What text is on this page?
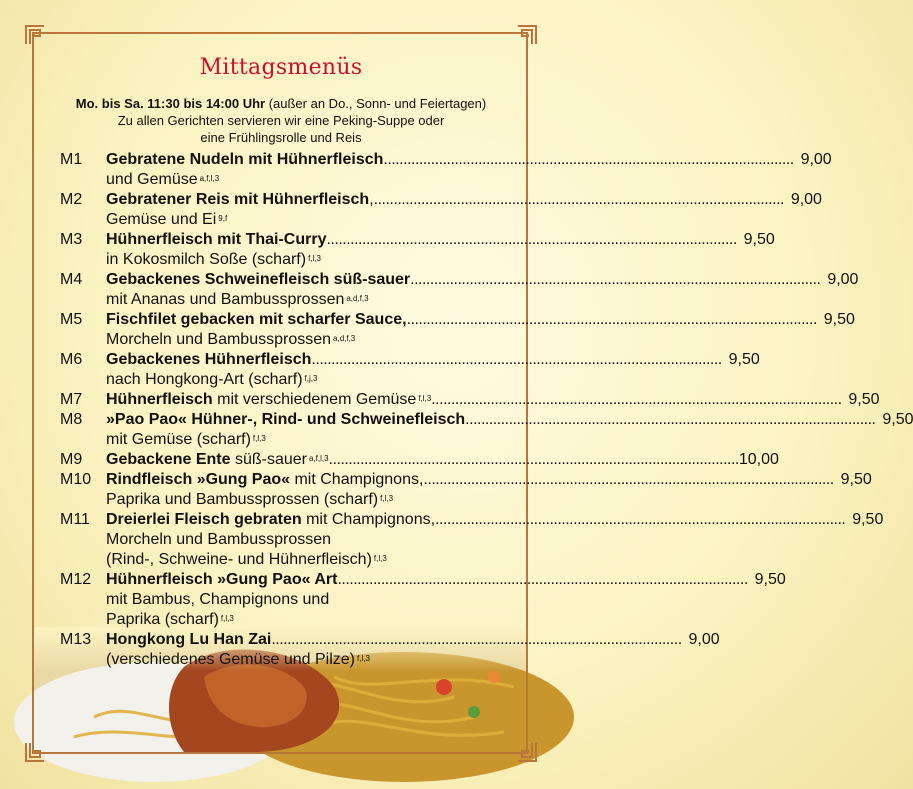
Mittagsmenüs
Mo. bis Sa. 11:30 bis 14:00 Uhr (außer an Do., Sonn- und Feiertagen)
Zu allen Gerichten servieren wir eine Peking-Suppe oder
eine Frühlingsrolle und Reis
M1	Gebratene Nudeln mit Hühnerfleisch .....	9,00
und Gemüse $^{a,f,l,3}$
M2	Gebratener Reis mit Hühnerfleisch, .....	9,00
Gemüse und Ei $^{9,f}$
M3	Hühnerfleisch mit Thai-Curry .....	9,50
in Kokosmilch Soße (scharf) $^{f,l,3}$
M4	Gebackenes Schweinefleisch süß-sauer .....	9,00
mit Ananas und Bambussprossen $^{a,d,f,3}$
M5	Fischfilet gebacken mit scharfer Sauce, .....	9,50
Morcheln und Bambussprossen $^{a,d,f,3}$
M6	Gebackenes Hühnerfleisch .....	9,50
nach Hongkong-Art (scharf) $^{f,j,3}$
M7	Hühnerfleisch mit verschiedenem Gemüse $^{f,l,3}$ .....	9,50
M8	»Pao Pao« Hühner-, Rind- und Schweinefleisch .....	9,50
mit Gemüse (scharf) $^{f,l,3}$
M9	Gebackene Ente süß-sauer $^{a,f,l,3}$ .....	10,00
M10 Rindfleisch »Gung Pao« mit Champignons, .....	9,50
Paprika und Bambussprossen (scharf) $^{f,l,3}$
M11	Dreierlei Fleisch gebraten mit Champignons, .....	9,50
Morcheln und Bambussprossen
(Rind-, Schweine- und Hühnerfleisch) $^{f,l,3}$
M12 Hühnerfleisch »Gung Pao« Art .....	9,50
mit Bambus, Champignons und
Paprika (scharf) $^{f,l,3}$
M13 Hongkong Lu Han Zai .....	9,00
(verschiedenes Gemüse und Pilze) $^{f,l,3}$
